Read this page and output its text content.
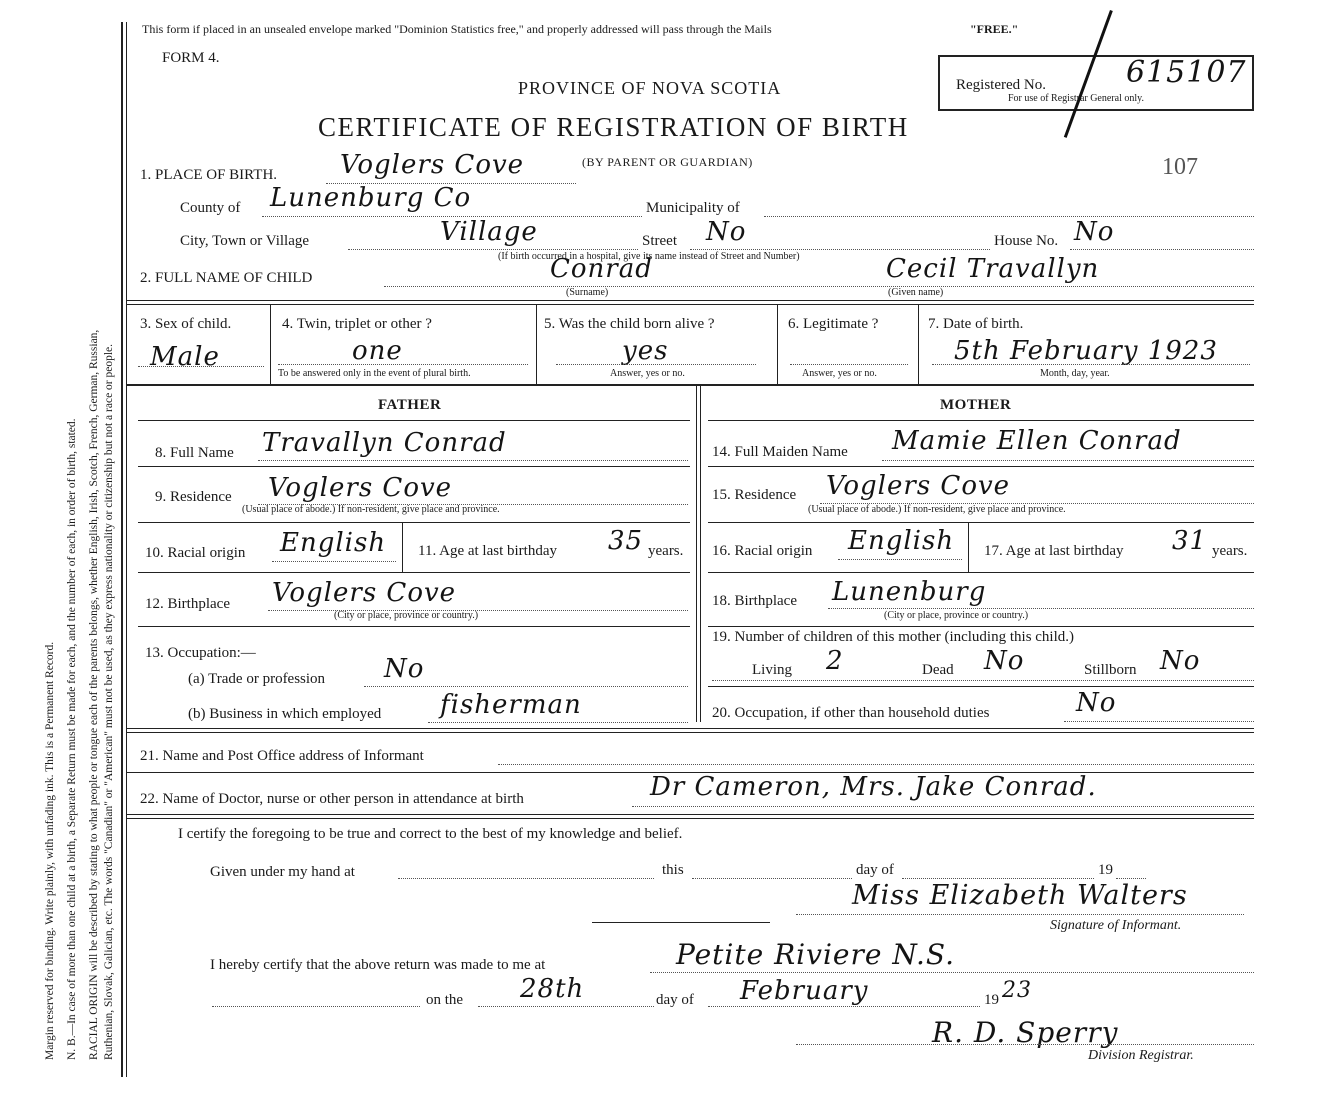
Margin reserved for binding. Write plainly, with unfading ink. This is a Permanent Record. N. B.—In case of more than one child at a birth, a Separate Return must be made for each, and the number of each, in order of birth, stated. RACIAL ORIGIN will be described by stating to what people or tongue each of the parents belongs, whether English, Irish, Scotch, French, German, Russian, Ruthenian, Slovak, Galician, etc. The words "Canadian" or "American" must not be used, as they express nationality or citizenship but not a race or people.
This form if placed in an unsealed envelope marked "Dominion Statistics free," and properly addressed will pass through the Mails	"FREE."
FORM 4.
PROVINCE OF NOVA SCOTIA
CERTIFICATE OF REGISTRATION OF BIRTH
(BY PARENT OR GUARDIAN)
Registered No.	615107
For use of Registrar General only.
107
1. PLACE OF BIRTH. Voglers Cove
County of Lunenburg Co	Municipality of
City, Town or Village	Village	Street No	House No. No
(If birth occurred in a hospital, give its name instead of Street and Number)
2. FULL NAME OF CHILD	Conrad
(Surname)
Cecil Travallyn
(Given name)
3. Sex of child.
Male
4. Twin, triplet or other ?
one
To be answered only in the event of plural birth.
5. Was the child born alive ?
yes
Answer, yes or no.
6. Legitimate ?
Answer, yes or no.
7. Date of birth.
5th February 1923
Month, day, year.
FATHER	MOTHER
8. Full Name Travallyn Conrad
9. Residence Voglers Cove
(Usual place of abode.) If non-resident, give place and province.
10. Racial origin English 11. Age at last birthday 35 years.
12. Birthplace Voglers Cove
(City or place, province or country.)
13. Occupation:—
(a) Trade or profession No
(b) Business in which employed fisherman
14. Full Maiden Name Mamie Ellen Conrad
15. Residence Voglers Cove
(Usual place of abode.) If non-resident, give place and province.
16. Racial origin English 17. Age at last birthday 31 years.
18. Birthplace Lunenburg
(City or place, province or country.)
19. Number of children of this mother (including this child.)
Living 2	Dead No	Stillborn No
20. Occupation, if other than household duties	No
21. Name and Post Office address of Informant
22. Name of Doctor, nurse or other person in attendance at birth	Dr Cameron, Mrs. Jake Conrad.
I certify the foregoing to be true and correct to the best of my knowledge and belief.
Given under my hand at	this	day of	19
Miss Elizabeth Walters
Signature of Informant.
I hereby certify that the above return was made to me at	Petite Riviere N.S.
on the 28th	day of February	19 23
R. D. Sperry
Division Registrar.
